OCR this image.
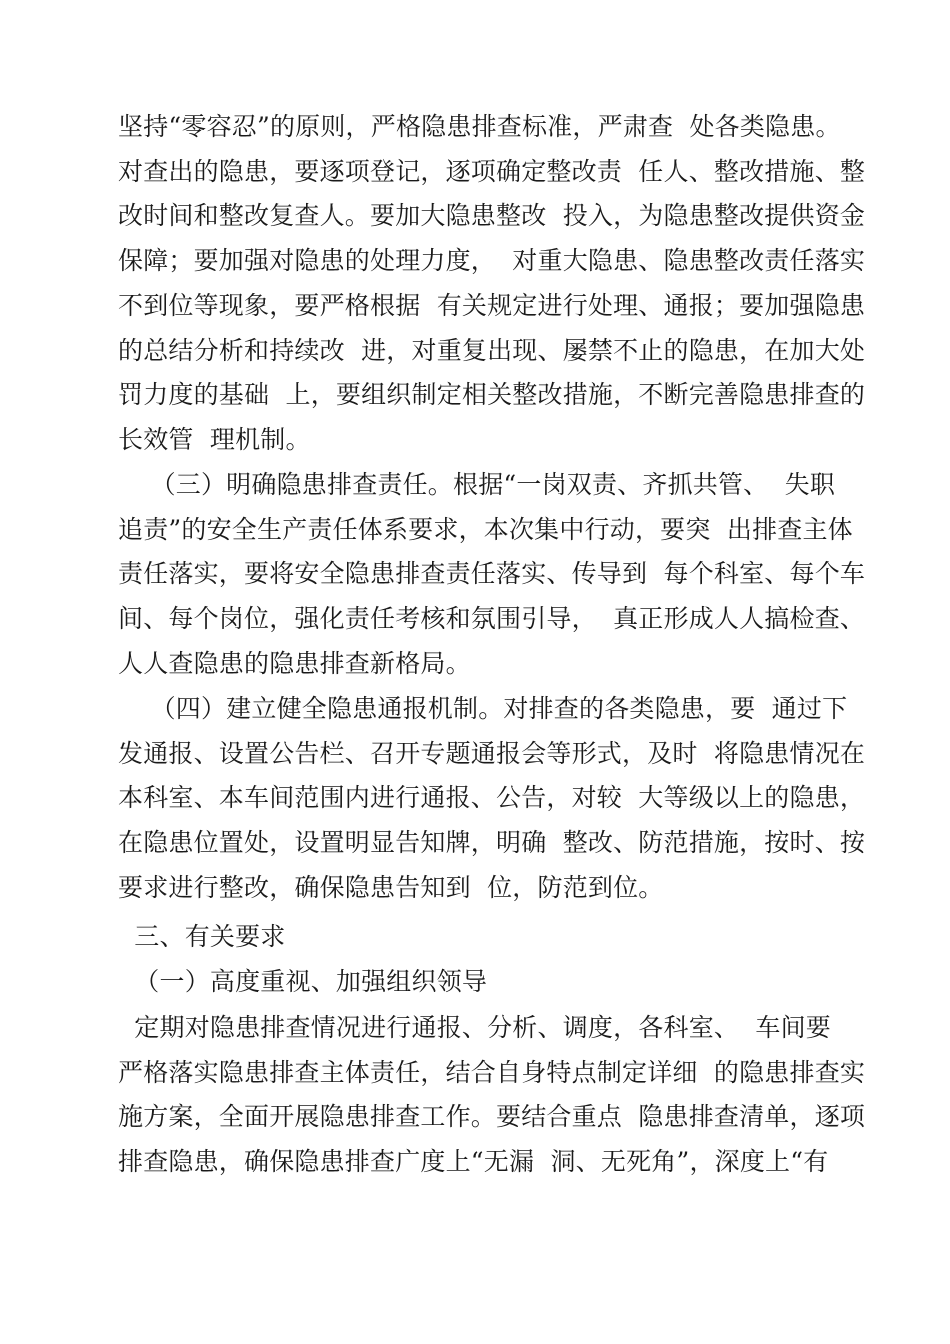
坚持“零容忍”的原则，严格隐患排查标准，严肃查  处各类隐患。
对查出的隐患，要逐项登记，逐项确定整改责  任人、整改措施、整
改时间和整改复查人。要加大隐患整改  投入，为隐患整改提供资金
保障；要加强对隐患的处理力度，  对重大隐患、隐患整改责任落实
不到位等现象，要严格根据  有关规定进行处理、通报；要加强隐患
的总结分析和持续改  进，对重复出现、屡禁不止的隐患，在加大处
罚力度的基础  上，要组织制定相关整改措施，不断完善隐患排查的
长效管  理机制。
（三）明确隐患排查责任。根据“一岗双责、齐抓共管、  失职
追责”的安全生产责任体系要求，本次集中行动，要突  出排查主体
责任落实，要将安全隐患排查责任落实、传导到  每个科室、每个车
间、每个岗位，强化责任考核和氛围引导，  真正形成人人搞检查、
人人查隐患的隐患排查新格局。
（四）建立健全隐患通报机制。对排查的各类隐患，要  通过下
发通报、设置公告栏、召开专题通报会等形式，及时  将隐患情况在
本科室、本车间范围内进行通报、公告，对较  大等级以上的隐患，
在隐患位置处，设置明显告知牌，明确  整改、防范措施，按时、按
要求进行整改，确保隐患告知到  位，防范到位。
三、有关要求
（一）高度重视、加强组织领导
定期对隐患排查情况进行通报、分析、调度，各科室、  车间要
严格落实隐患排查主体责任，结合自身特点制定详细  的隐患排查实
施方案，全面开展隐患排查工作。要结合重点  隐患排查清单，逐项
排查隐患，确保隐患排查广度上“无漏  洞、无死角”，深度上“有
